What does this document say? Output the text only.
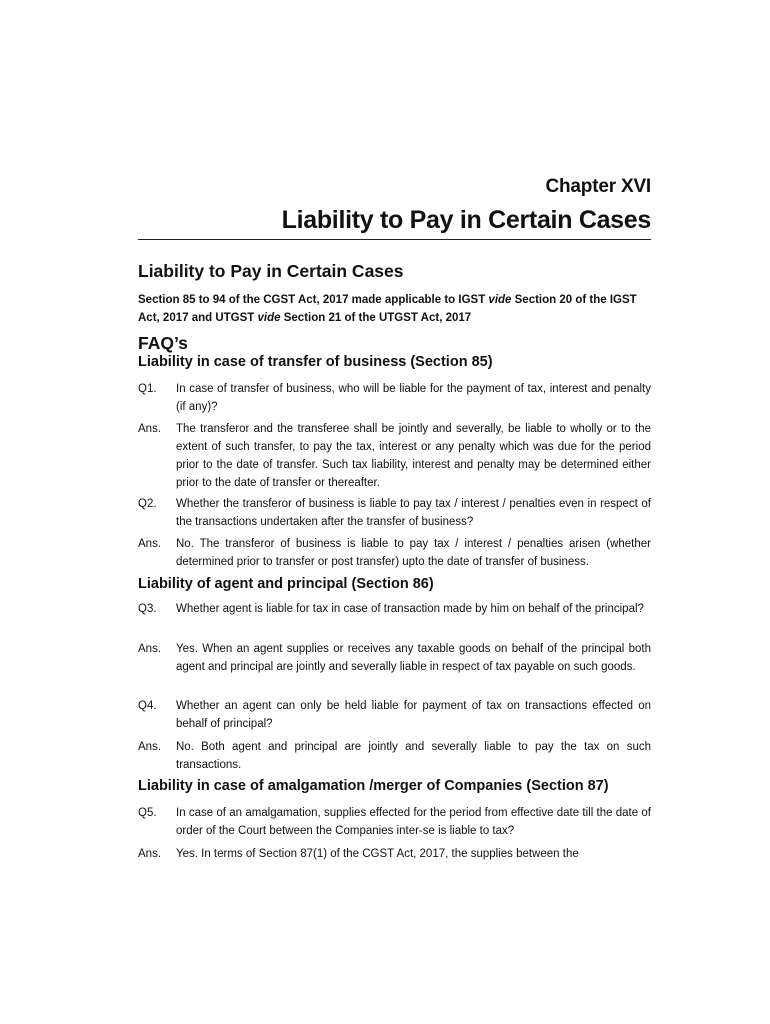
Chapter XVI
Liability to Pay in Certain Cases
Liability to Pay in Certain Cases
Section 85 to 94 of the CGST Act, 2017 made applicable to IGST vide Section 20 of the IGST Act, 2017 and UTGST vide Section 21 of the UTGST Act, 2017
FAQ’s
Liability in case of transfer of business (Section 85)
Q1. In case of transfer of business, who will be liable for the payment of tax, interest and penalty (if any)?
Ans. The transferor and the transferee shall be jointly and severally, be liable to wholly or to the extent of such transfer, to pay the tax, interest or any penalty which was due for the period prior to the date of transfer. Such tax liability, interest and penalty may be determined either prior to the date of transfer or thereafter.
Q2. Whether the transferor of business is liable to pay tax / interest / penalties even in respect of the transactions undertaken after the transfer of business?
Ans. No. The transferor of business is liable to pay tax / interest / penalties arisen (whether determined prior to transfer or post transfer) upto the date of transfer of business.
Liability of agent and principal (Section 86)
Q3. Whether agent is liable for tax in case of transaction made by him on behalf of the principal?
Ans. Yes. When an agent supplies or receives any taxable goods on behalf of the principal both agent and principal are jointly and severally liable in respect of tax payable on such goods.
Q4. Whether an agent can only be held liable for payment of tax on transactions effected on behalf of principal?
Ans. No. Both agent and principal are jointly and severally liable to pay the tax on such transactions.
Liability in case of amalgamation /merger of Companies (Section 87)
Q5. In case of an amalgamation, supplies effected for the period from effective date till the date of order of the Court between the Companies inter-se is liable to tax?
Ans. Yes. In terms of Section 87(1) of the CGST Act, 2017, the supplies between the
